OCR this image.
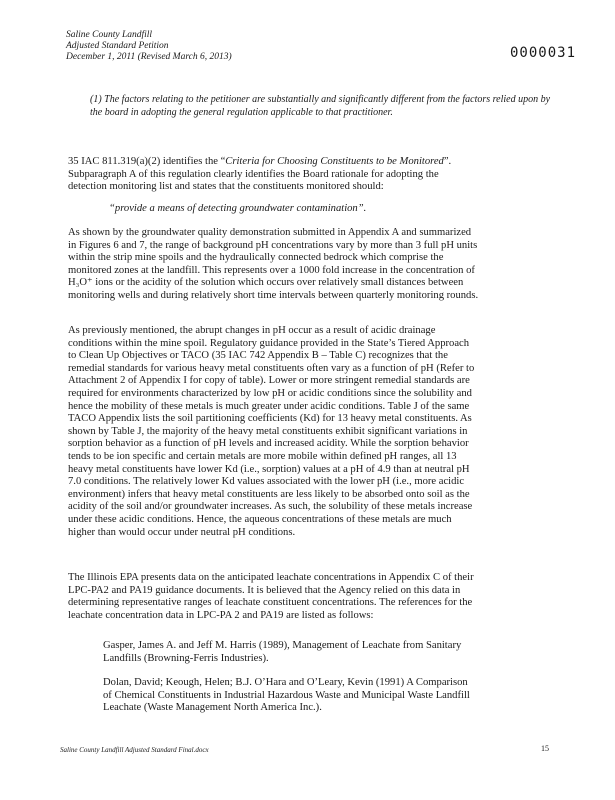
Saline County Landfill
Adjusted Standard Petition
December 1, 2011 (Revised March 6, 2013)	0000031
(1) The factors relating to the petitioner are substantially and significantly different from the factors relied upon by the board in adopting the general regulation applicable to that practitioner.
35 IAC 811.319(a)(2) identifies the “Criteria for Choosing Constituents to be Monitored”.
Subparagraph A of this regulation clearly identifies the Board rationale for adopting the
detection monitoring list and states that the constituents monitored should:
“provide a means of detecting groundwater contamination”.
As shown by the groundwater quality demonstration submitted in Appendix A and summarized
in Figures 6 and 7, the range of background pH concentrations vary by more than 3 full pH units
within the strip mine spoils and the hydraulically connected bedrock which comprise the
monitored zones at the landfill. This represents over a 1000 fold increase in the concentration of
H₃O⁺ ions or the acidity of the solution which occurs over relatively small distances between
monitoring wells and during relatively short time intervals between quarterly monitoring rounds.
As previously mentioned, the abrupt changes in pH occur as a result of acidic drainage
conditions within the mine spoil. Regulatory guidance provided in the State’s Tiered Approach
to Clean Up Objectives or TACO (35 IAC 742 Appendix B – Table C) recognizes that the
remedial standards for various heavy metal constituents often vary as a function of pH (Refer to
Attachment 2 of Appendix I for copy of table). Lower or more stringent remedial standards are
required for environments characterized by low pH or acidic conditions since the solubility and
hence the mobility of these metals is much greater under acidic conditions. Table J of the same
TACO Appendix lists the soil partitioning coefficients (Kd) for 13 heavy metal constituents. As
shown by Table J, the majority of the heavy metal constituents exhibit significant variations in
sorption behavior as a function of pH levels and increased acidity. While the sorption behavior
tends to be ion specific and certain metals are more mobile within defined pH ranges, all 13
heavy metal constituents have lower Kd (i.e., sorption) values at a pH of 4.9 than at neutral pH
7.0 conditions. The relatively lower Kd values associated with the lower pH (i.e., more acidic
environment) infers that heavy metal constituents are less likely to be absorbed onto soil as the
acidity of the soil and/or groundwater increases. As such, the solubility of these metals increase
under these acidic conditions. Hence, the aqueous concentrations of these metals are much
higher than would occur under neutral pH conditions.
The Illinois EPA presents data on the anticipated leachate concentrations in Appendix C of their
LPC-PA2 and PA19 guidance documents. It is believed that the Agency relied on this data in
determining representative ranges of leachate constituent concentrations. The references for the
leachate concentration data in LPC-PA 2 and PA19 are listed as follows:
Gasper, James A. and Jeff M. Harris (1989), Management of Leachate from Sanitary
Landfills (Browning-Ferris Industries).
Dolan, David; Keough, Helen; B.J. O’Hara and O’Leary, Kevin (1991) A Comparison
of Chemical Constituents in Industrial Hazardous Waste and Municipal Waste Landfill
Leachate (Waste Management North America Inc.).
Saline County Landfill Adjusted Standard Final.docx	15
